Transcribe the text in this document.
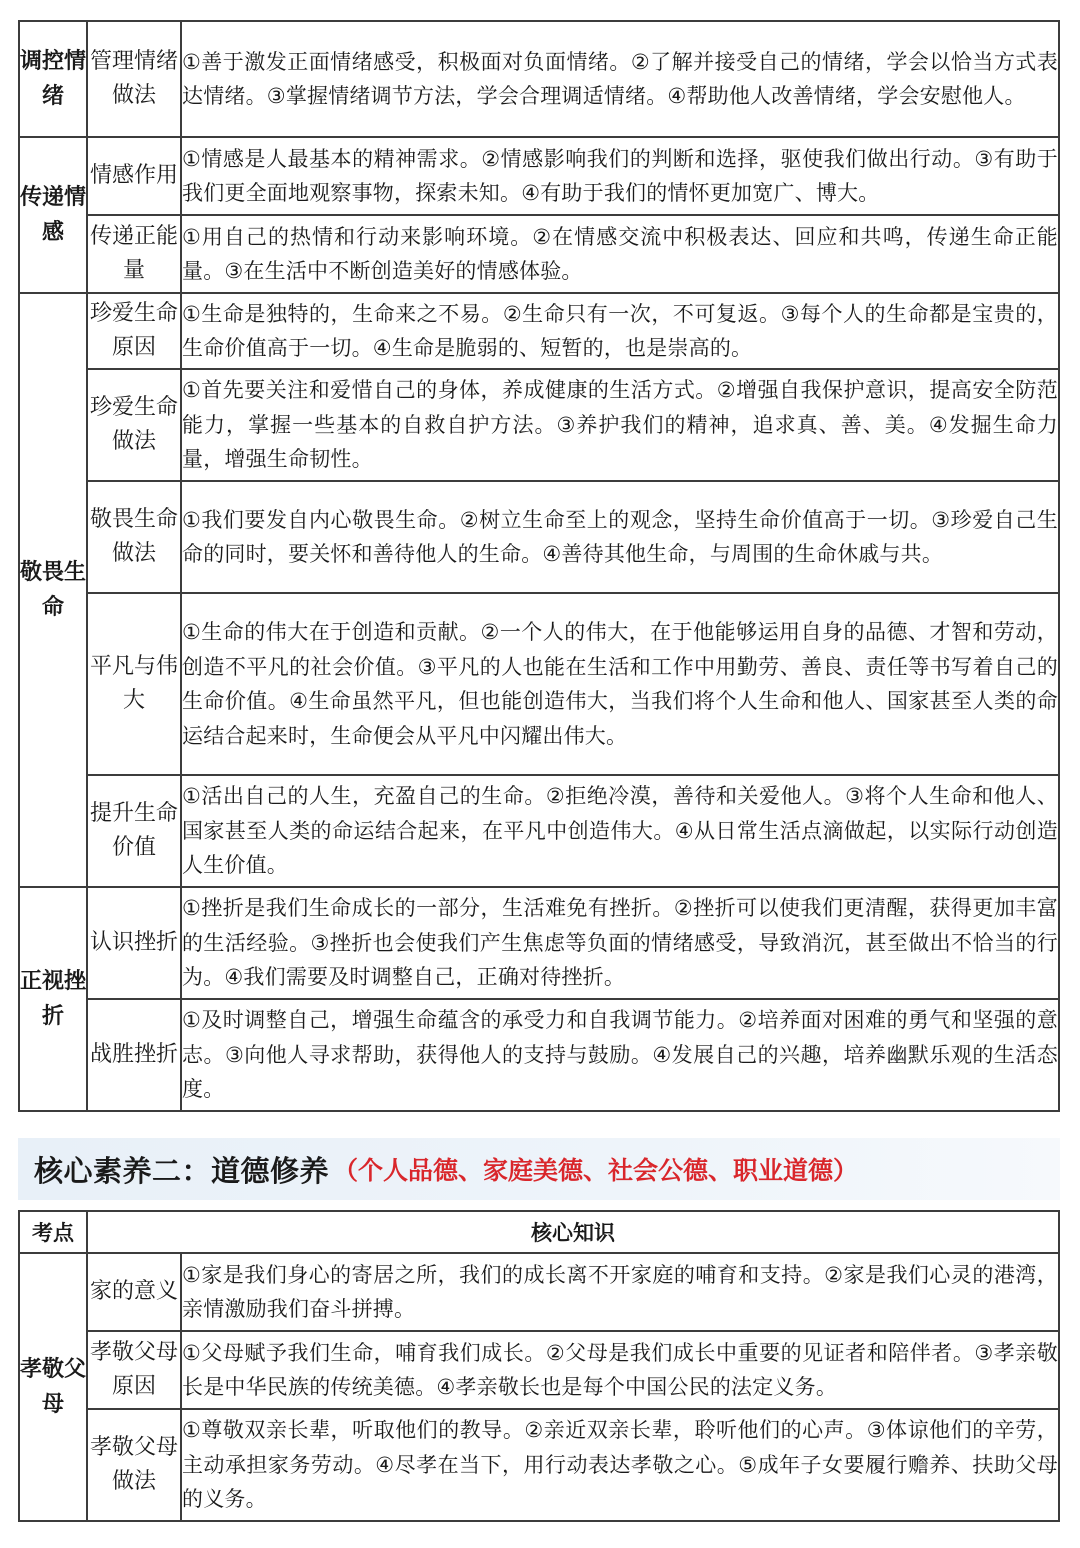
调控情绪	管理情绪做法	①善于激发正面情绪感受，积极面对负面情绪。②了解并接受自己的情绪，学会以恰当方式表达情绪。③掌握情绪调节方法，学会合理调适情绪。④帮助他人改善情绪，学会安慰他人。
传递情感	情感作用	①情感是人最基本的精神需求。②情感影响我们的判断和选择，驱使我们做出行动。③有助于我们更全面地观察事物，探索未知。④有助于我们的情怀更加宽广、博大。
	传递正能量	①用自己的热情和行动来影响环境。②在情感交流中积极表达、回应和共鸣，传递生命正能量。③在生活中不断创造美好的情感体验。
敬畏生命	珍爱生命原因	①生命是独特的，生命来之不易。②生命只有一次，不可复返。③每个人的生命都是宝贵的，生命价值高于一切。④生命是脆弱的、短暂的，也是崇高的。
	珍爱生命做法	①首先要关注和爱惜自己的身体，养成健康的生活方式。②增强自我保护意识，提高安全防范能力，掌握一些基本的自救自护方法。③养护我们的精神，追求真、善、美。④发掘生命力量，增强生命韧性。
	敬畏生命做法	①我们要发自内心敬畏生命。②树立生命至上的观念，坚持生命价值高于一切。③珍爱自己生命的同时，要关怀和善待他人的生命。④善待其他生命，与周围的生命休戚与共。
	平凡与伟大	①生命的伟大在于创造和贡献。②一个人的伟大，在于他能够运用自身的品德、才智和劳动，创造不平凡的社会价值。③平凡的人也能在生活和工作中用勤劳、善良、责任等书写着自己的生命价值。④生命虽然平凡，但也能创造伟大，当我们将个人生命和他人、国家甚至人类的命运结合起来时，生命便会从平凡中闪耀出伟大。
	提升生命价值	①活出自己的人生，充盈自己的生命。②拒绝冷漠，善待和关爱他人。③将个人生命和他人、国家甚至人类的命运结合起来，在平凡中创造伟大。④从日常生活点滴做起，以实际行动创造人生价值。
正视挫折	认识挫折	①挫折是我们生命成长的一部分，生活难免有挫折。②挫折可以使我们更清醒，获得更加丰富的生活经验。③挫折也会使我们产生焦虑等负面的情绪感受，导致消沉，甚至做出不恰当的行为。④我们需要及时调整自己，正确对待挫折。
	战胜挫折	①及时调整自己，增强生命蕴含的承受力和自我调节能力。②培养面对困难的勇气和坚强的意志。③向他人寻求帮助，获得他人的支持与鼓励。④发展自己的兴趣，培养幽默乐观的生活态度。
核心素养二：道德修养 （个人品德、家庭美德、社会公德、职业道德）
考点	核心知识	
孝敬父母	家的意义	①家是我们身心的寄居之所，我们的成长离不开家庭的哺育和支持。②家是我们心灵的港湾，亲情激励我们奋斗拼搏。
	孝敬父母原因	①父母赋予我们生命，哺育我们成长。②父母是我们成长中重要的见证者和陪伴者。③孝亲敬长是中华民族的传统美德。④孝亲敬长也是每个中国公民的法定义务。
	孝敬父母做法	①尊敬双亲长辈，听取他们的教导。②亲近双亲长辈，聆听他们的心声。③体谅他们的辛劳，主动承担家务劳动。④尽孝在当下，用行动表达孝敬之心。⑤成年子女要履行赡养、扶助父母的义务。
